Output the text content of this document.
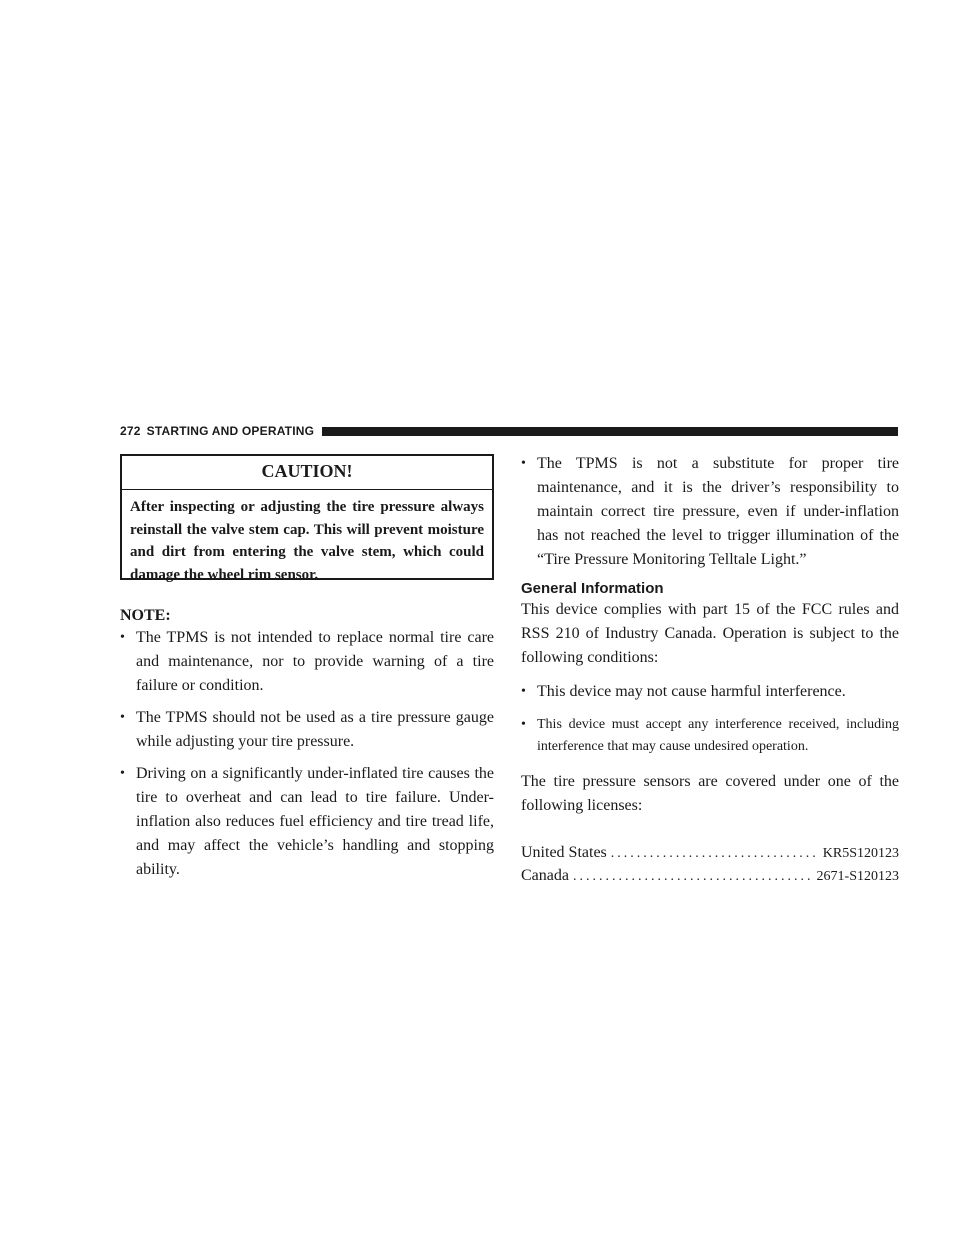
272 STARTING AND OPERATING
CAUTION!
After inspecting or adjusting the tire pressure always reinstall the valve stem cap. This will prevent moisture and dirt from entering the valve stem, which could damage the wheel rim sensor.
NOTE:
• The TPMS is not intended to replace normal tire care and maintenance, nor to provide warning of a tire failure or condition.
• The TPMS should not be used as a tire pressure gauge while adjusting your tire pressure.
• Driving on a significantly under-inflated tire causes the tire to overheat and can lead to tire failure. Under-inflation also reduces fuel efficiency and tire tread life, and may affect the vehicle’s handling and stopping ability.
• The TPMS is not a substitute for proper tire maintenance, and it is the driver’s responsibility to maintain correct tire pressure, even if under-inflation has not reached the level to trigger illumination of the “Tire Pressure Monitoring Telltale Light.”
General Information
This device complies with part 15 of the FCC rules and RSS 210 of Industry Canada. Operation is subject to the following conditions:
• This device may not cause harmful interference.
• This device must accept any interference received, including interference that may cause undesired operation.
The tire pressure sensors are covered under one of the following licenses:
United States .....	KR5S120123
Canada .....	2671-S120123
